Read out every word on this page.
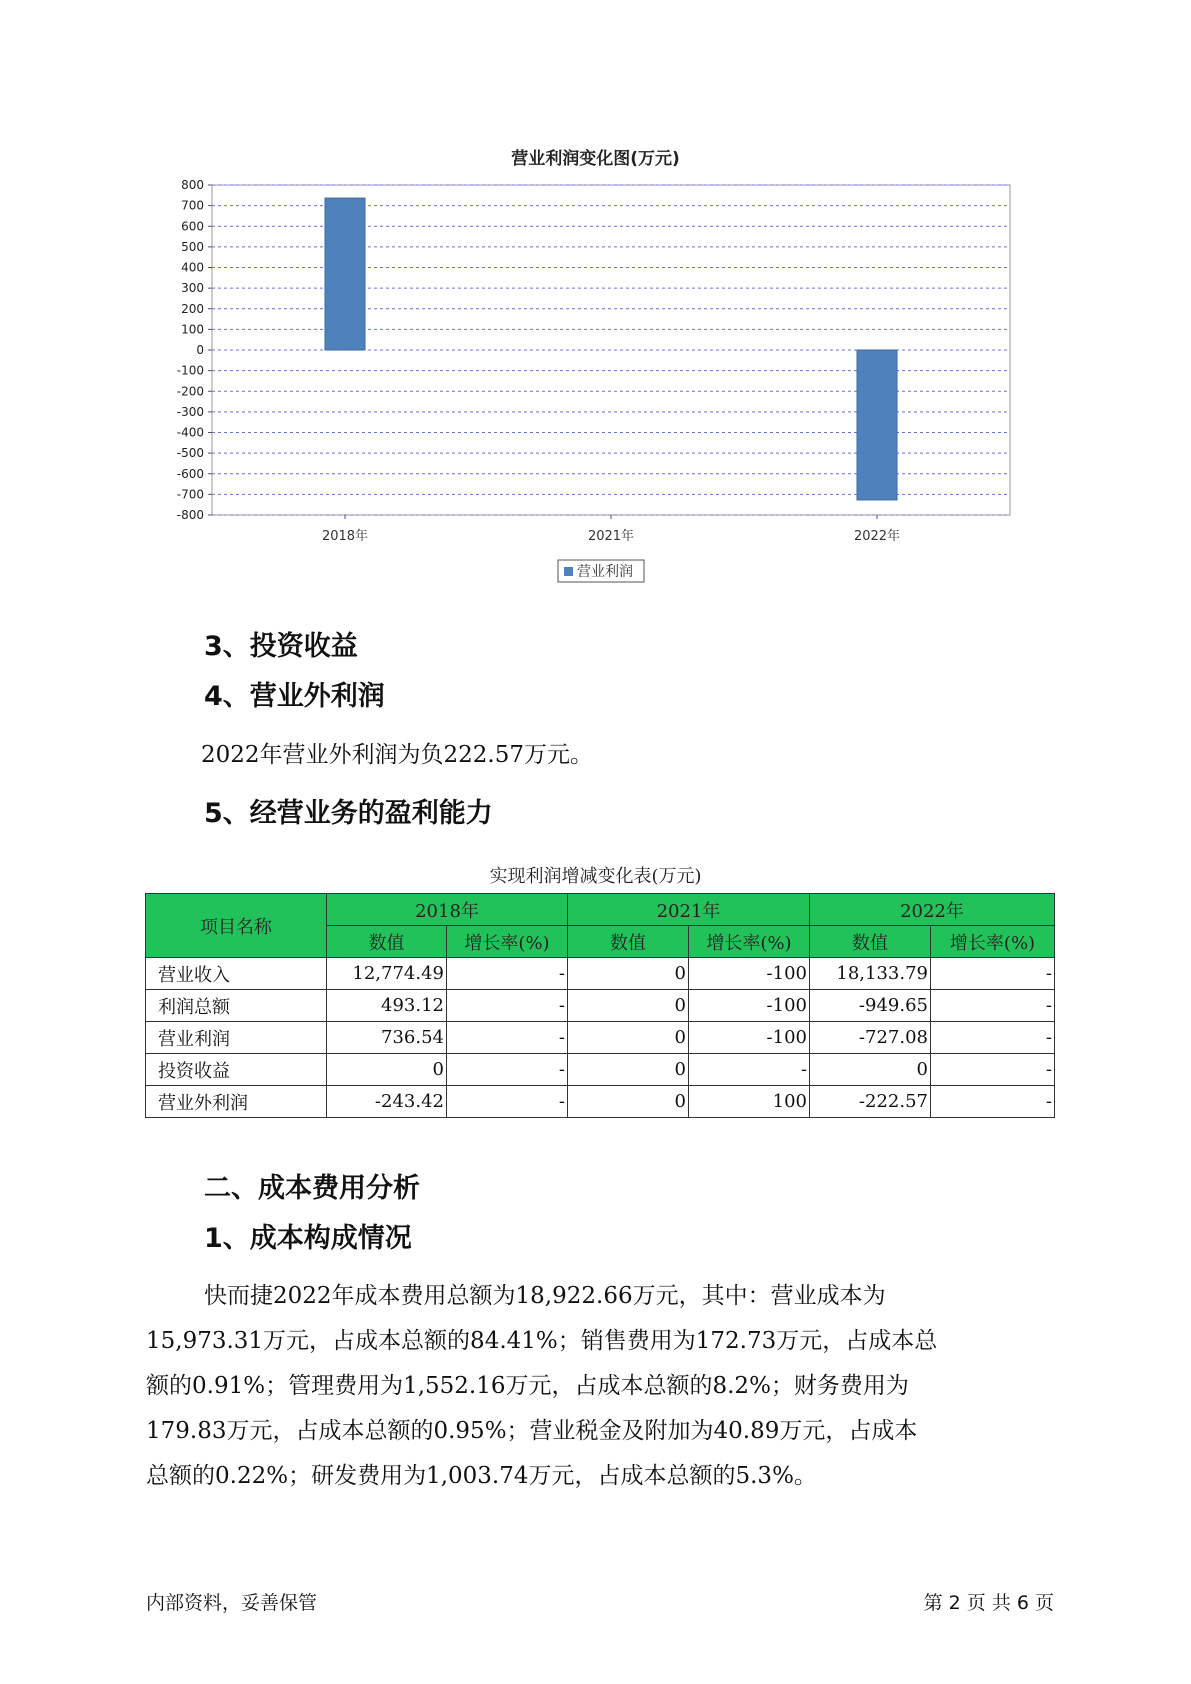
营业利润变化图(万元)
800
700
600
500
400
300
200
100
0
-100
-200
-300
-400
-500
-600
-700
-800
2018年	2021年	2022年
营业利润
3、投资收益
4、营业外利润
2022年营业外利润为负222.57万元。
5、经营业务的盈利能力
实现利润增减变化表(万元)
项目名称	2018年		2021年		2022年	
	数值	增长率(%)	数值	增长率(%)	数值	增长率(%)
营业收入	12,774.49	-	0	-100	18,133.79	-
利润总额	493.12	-	0	-100	-949.65	-
营业利润	736.54	-	0	-100	-727.08	-
投资收益	0	-	0	-	0	-
营业外利润	-243.42	-	0	100	-222.57	-
二、成本费用分析
1、成本构成情况
快而捷2022年成本费用总额为18,922.66万元，其中：营业成本为
15,973.31万元，占成本总额的84.41%；销售费用为172.73万元，占成本总
额的0.91%；管理费用为1,552.16万元，占成本总额的8.2%；财务费用为
179.83万元，占成本总额的0.95%；营业税金及附加为40.89万元，占成本
总额的0.22%；研发费用为1,003.74万元，占成本总额的5.3%。
内部资料，妥善保管	第 2 页 共 6 页
